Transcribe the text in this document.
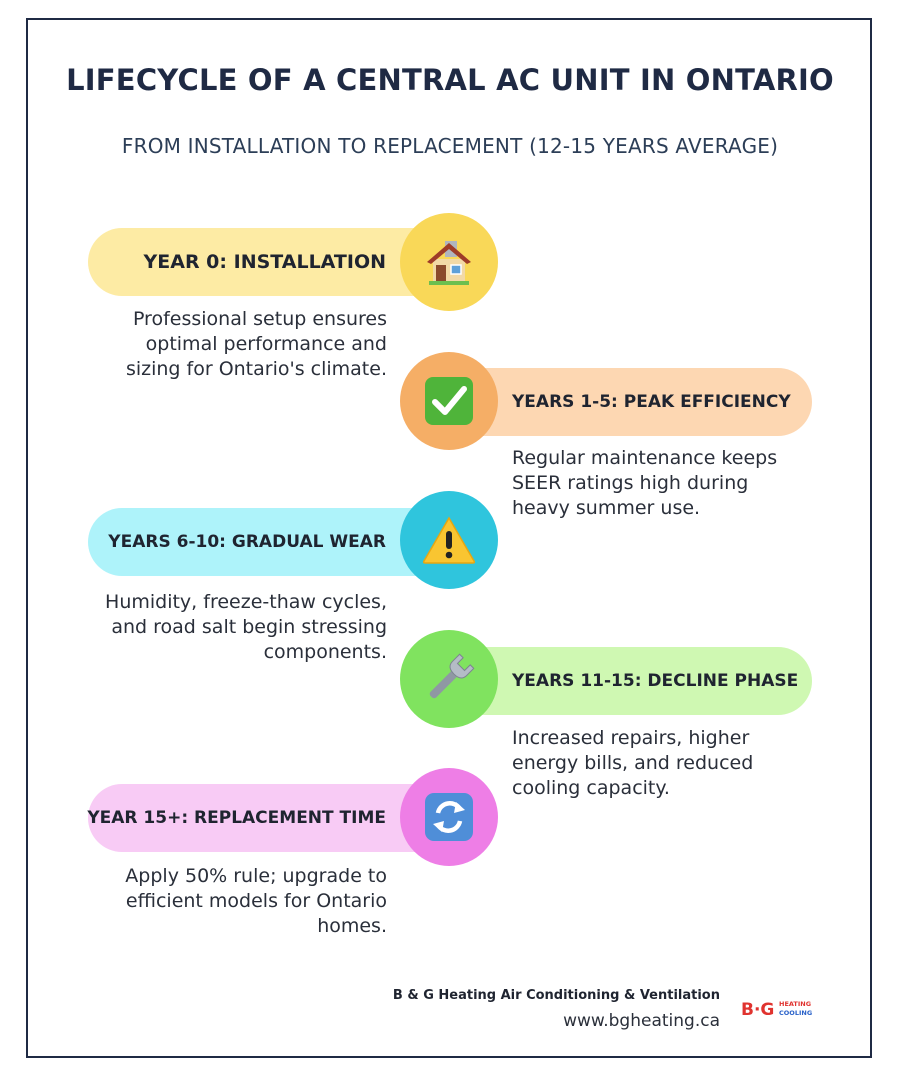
LIFECYCLE OF A CENTRAL AC UNIT IN ONTARIO
FROM INSTALLATION TO REPLACEMENT (12-15 YEARS AVERAGE)
YEAR 0: INSTALLATION
Professional setup ensures optimal performance and sizing for Ontario's climate.
YEARS 1-5: PEAK EFFICIENCY
Regular maintenance keeps SEER ratings high during heavy summer use.
YEARS 6-10: GRADUAL WEAR
Humidity, freeze-thaw cycles, and road salt begin stressing components.
YEARS 11-15: DECLINE PHASE
Increased repairs, higher energy bills, and reduced cooling capacity.
YEAR 15+: REPLACEMENT TIME
Apply 50% rule; upgrade to efficient models for Ontario homes.
B & G Heating Air Conditioning & Ventilation
www.bgheating.ca
B·G HEATING
COOLING
